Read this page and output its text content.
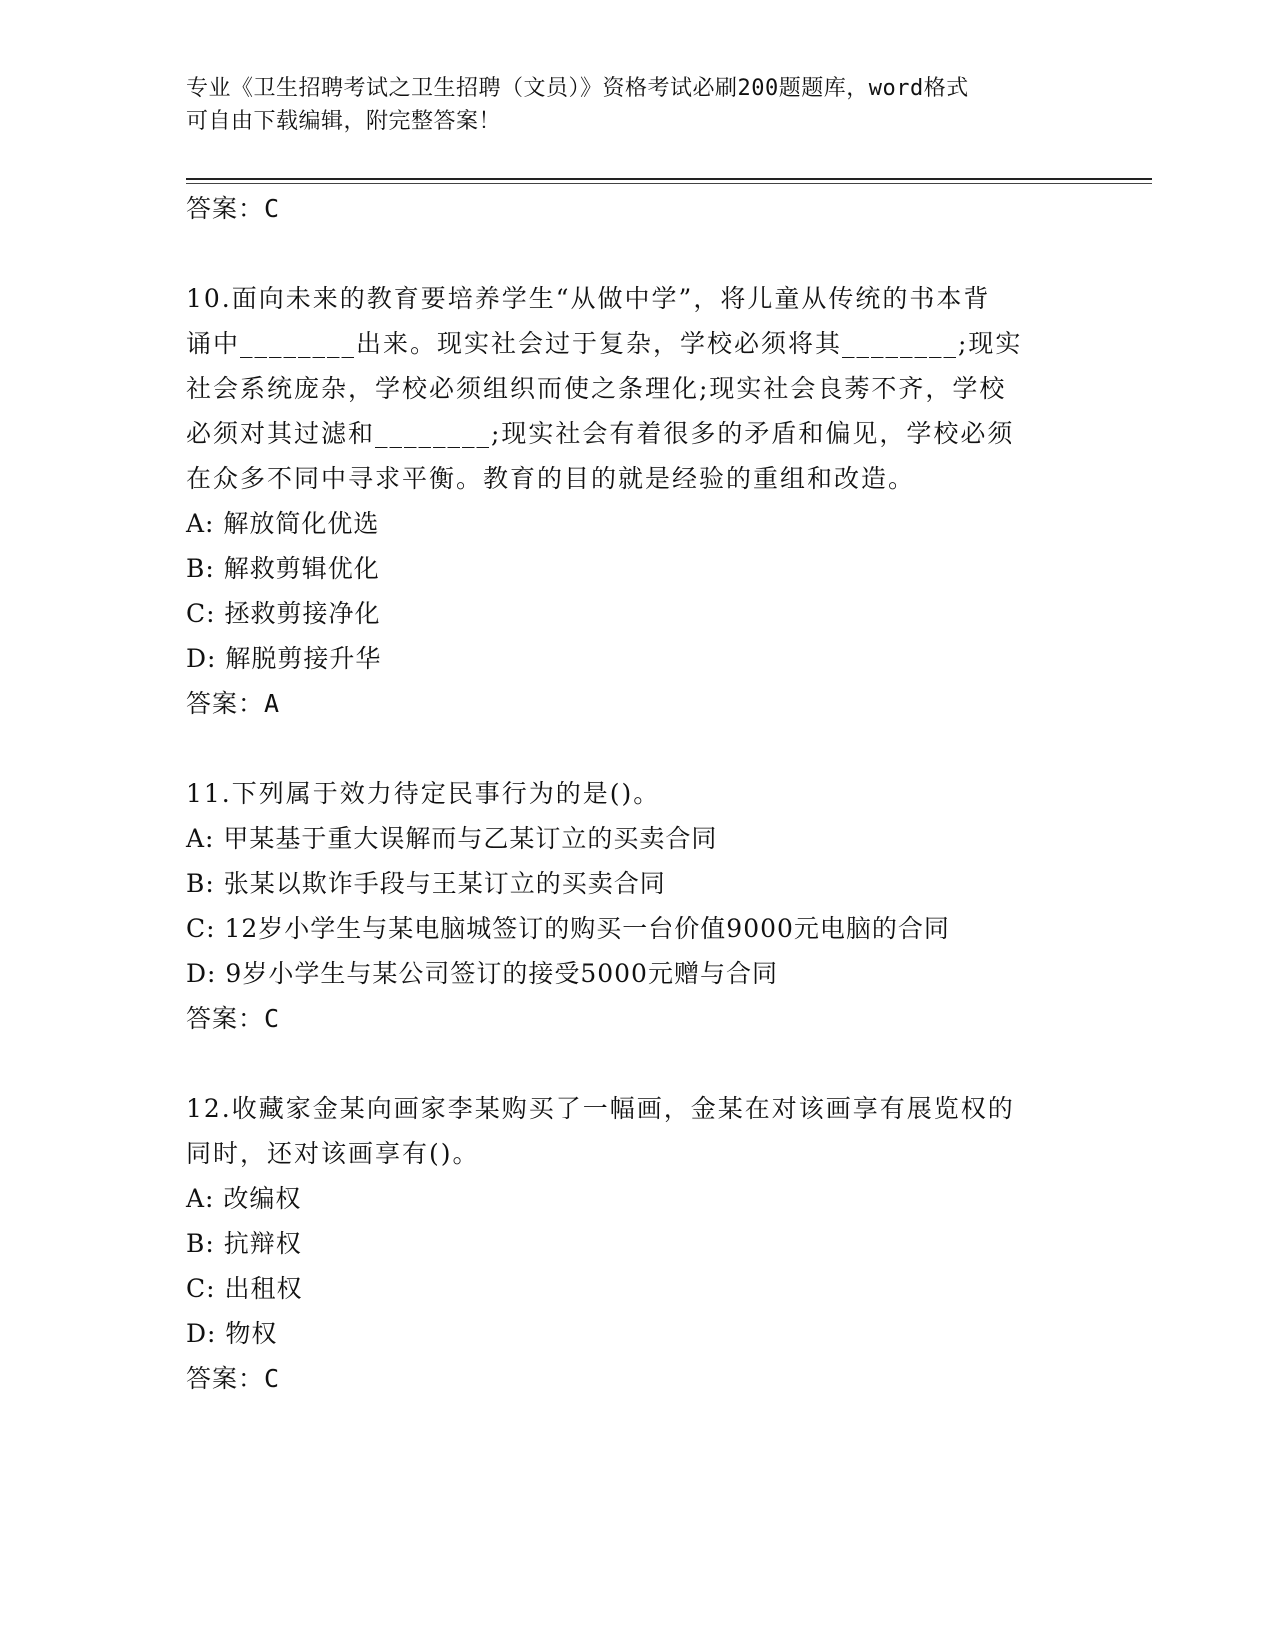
专业《卫生招聘考试之卫生招聘（文员）》资格考试必刷200题题库，word格式
可自由下载编辑，附完整答案！
答案：C
10.面向未来的教育要培养学生“从做中学”，将儿童从传统的书本背
诵中________出来。现实社会过于复杂，学校必须将其________;现实
社会系统庞杂，学校必须组织而使之条理化;现实社会良莠不齐，学校
必须对其过滤和________;现实社会有着很多的矛盾和偏见，学校必须
在众多不同中寻求平衡。教育的目的就是经验的重组和改造。
A: 解放简化优选
B: 解救剪辑优化
C: 拯救剪接净化
D: 解脱剪接升华
答案：A
11.下列属于效力待定民事行为的是()。
A: 甲某基于重大误解而与乙某订立的买卖合同
B: 张某以欺诈手段与王某订立的买卖合同
C: 12岁小学生与某电脑城签订的购买一台价值9000元电脑的合同
D: 9岁小学生与某公司签订的接受5000元赠与合同
答案：C
12.收藏家金某向画家李某购买了一幅画，金某在对该画享有展览权的
同时，还对该画享有()。
A: 改编权
B: 抗辩权
C: 出租权
D: 物权
答案：C
